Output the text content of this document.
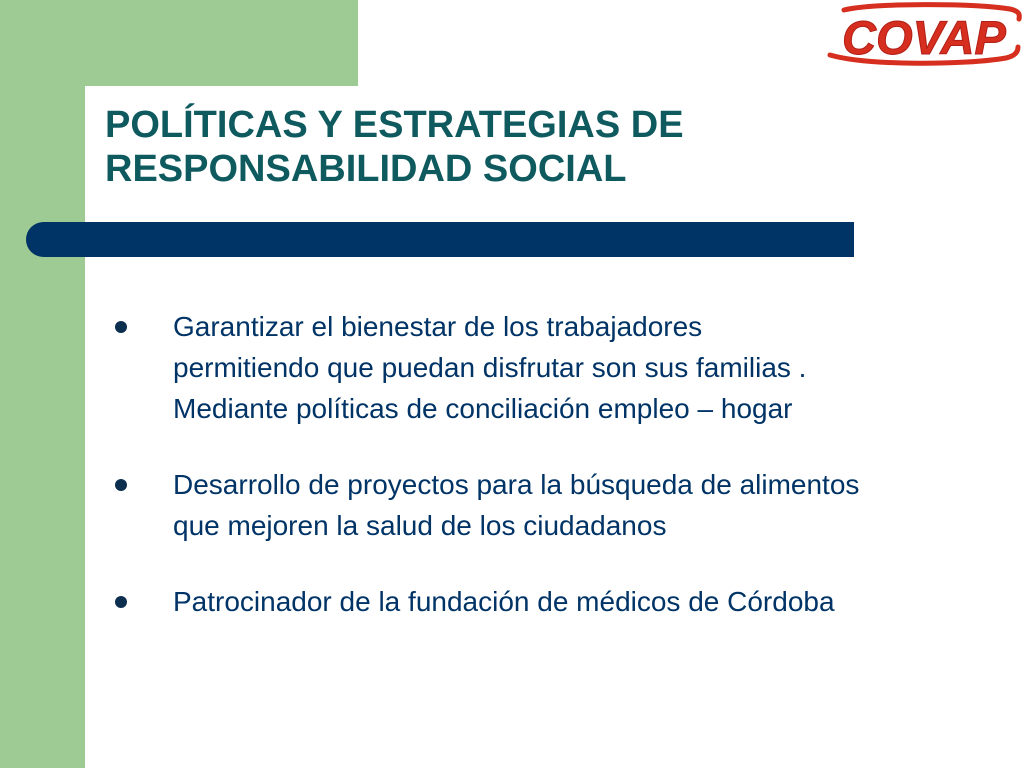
COVAP
POLÍTICAS Y ESTRATEGIAS DE
RESPONSABILIDAD SOCIAL
Garantizar el bienestar de los trabajadores
permitiendo que puedan disfrutar son sus familias .
Mediante políticas de conciliación empleo – hogar
Desarrollo de proyectos para la búsqueda de alimentos
que mejoren la salud de los ciudadanos
Patrocinador de la fundación de médicos de Córdoba
